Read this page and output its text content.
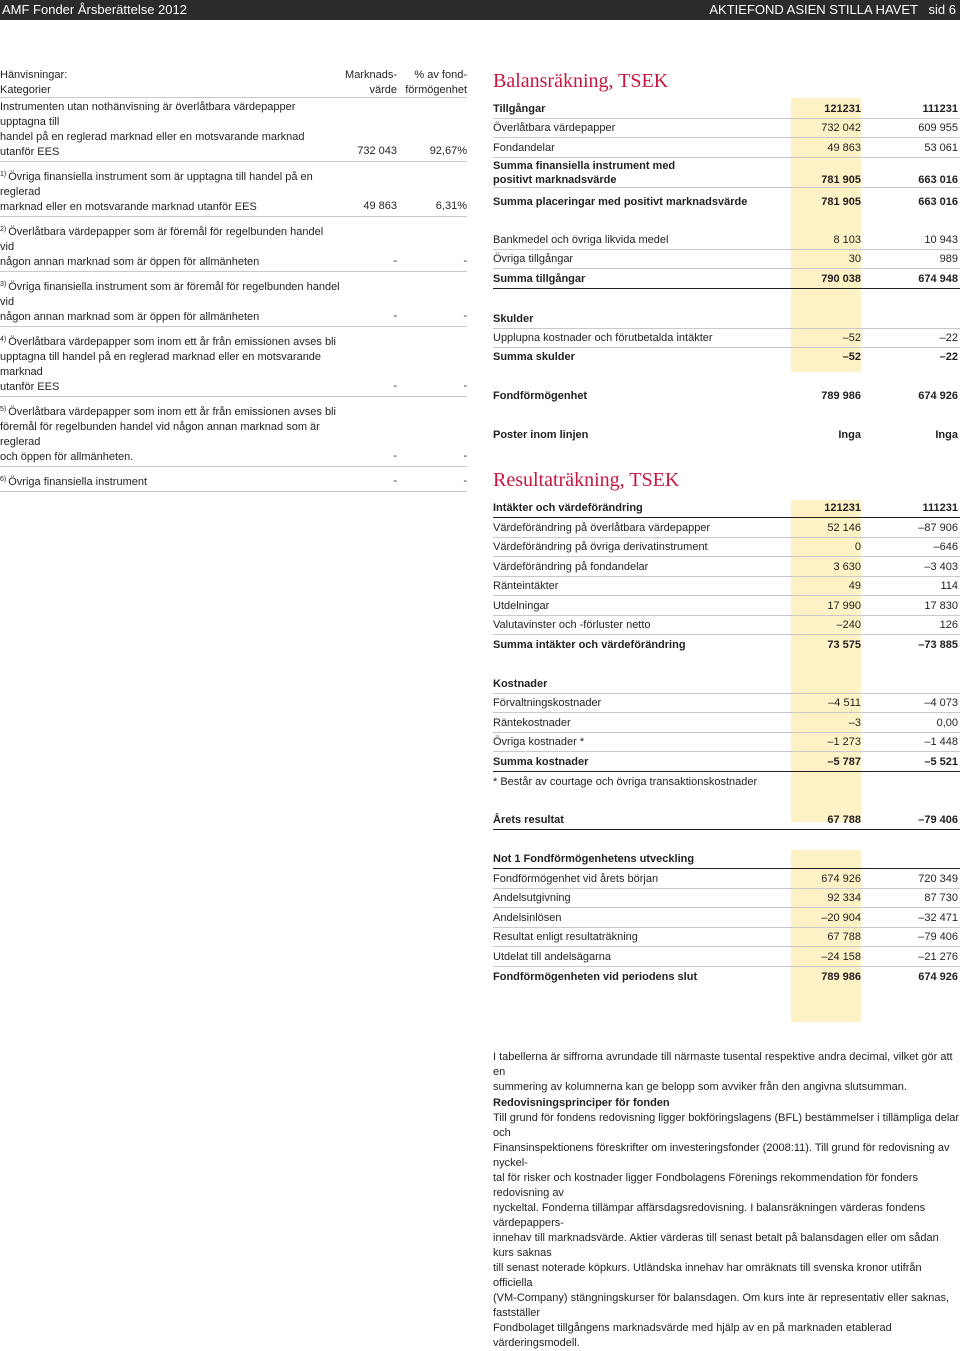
AMF Fonder Årsberättelse 2012	AKTIEFOND ASIEN STILLA HAVET   sid 6
Hänvisningar:
Kategorier
Marknads-
värde
% av fond-
förmögenhet
Instrumenten utan nothänvisning är överlåtbara värdepapper upptagna till
handel på en reglerad marknad eller en motsvarande marknad utanför EES	732 043	92,67%
$^{1)}$ Övriga finansiella instrument som är upptagna till handel på en reglerad
marknad eller en motsvarande marknad utanför EES	49 863	6,31%
$^{2)}$ Överlåtbara värdepapper som är föremål för regelbunden handel vid
någon annan marknad som är öppen för allmänheten	-	-
$^{3)}$ Övriga finansiella instrument som är föremål för regelbunden handel vid
någon annan marknad som är öppen för allmänheten	-	-
$^{4)}$ Överlåtbara värdepapper som inom ett år från emissionen avses bli
upptagna till handel på en reglerad marknad eller en motsvarande marknad
utanför EES	-	-
$^{5)}$ Överlåtbara värdepapper som inom ett år från emissionen avses bli
föremål för regelbunden handel vid någon annan marknad som är reglerad
och öppen för allmänheten.	-	-
$^{6)}$ Övriga finansiella instrument	-	-
Balansräkning, TSEK
Resultaträkning, TSEK
Tillgångar	121231	111231
Överlåtbara värdepapper	732 042	609 955
Fondandelar	49 863	53 061
Summa finansiella instrument med
positivt marknadsvärde	781 905	663 016
Summa placeringar med positivt marknadsvärde	781 905	663 016
Bankmedel och övriga likvida medel	8 103	10 943
Övriga tillgångar	30	989
Summa tillgångar	790 038	674 948
Skulder
Upplupna kostnader och förutbetalda intäkter	–52	–22
Summa skulder	–52	–22
Fondförmögenhet	789 986	674 926
Poster inom linjen	Inga	Inga
Intäkter och värdeförändring	121231	111231
Värdeförändring på överlåtbara värdepapper	52 146	–87 906
Värdeförändring på övriga derivatinstrument	0	–646
Värdeförändring på fondandelar	3 630	–3 403
Ränteintäkter	49	114
Utdelningar	17 990	17 830
Valutavinster och -förluster netto	–240	126
Summa intäkter och värdeförändring	73 575	–73 885
Kostnader
Förvaltningskostnader	–4 511	–4 073
Räntekostnader	–3	0,00
Övriga kostnader *	–1 273	–1 448
Summa kostnader	–5 787	–5 521
* Består av courtage och övriga transaktionskostnader
Årets resultat	67 788	–79 406
Not 1 Fondförmögenhetens utveckling
Fondförmögenhet vid årets början	674 926	720 349
Andelsutgivning	92 334	87 730
Andelsinlösen	–20 904	–32 471
Resultat enligt resultaträkning	67 788	–79 406
Utdelat till andelsägarna	–24 158	–21 276
Fondförmögenheten vid periodens slut	789 986	674 926
I tabellerna är siffrorna avrundade till närmaste tusental respektive andra decimal, vilket gör att en
summering av kolumnerna kan ge belopp som avviker från den angivna slutsumman.
Redovisningsprinciper för fonden
Till grund för fondens redovisning ligger bokföringslagens (BFL) bestämmelser i tillämpliga delar och
Finansinspektionens föreskrifter om investeringsfonder (2008:11). Till grund för redovisning av nyckel-
tal för risker och kostnader ligger Fondbolagens Förenings rekommendation för fonders redovisning av
nyckeltal. Fonderna tillämpar affärsdagsredovisning. I balansräkningen värderas fondens värdepappers-
innehav till marknadsvärde. Aktier värderas till senast betalt på balansdagen eller om sådan kurs saknas
till senast noterade köpkurs. Utländska innehav har omräknats till svenska kronor utifrån officiella
(VM-Company) stängningskurser för balansdagen. Om kurs inte är representativ eller saknas, fastställer
Fondbolaget tillgångens marknadsvärde med hjälp av en på marknaden etablerad värderingsmodell.
